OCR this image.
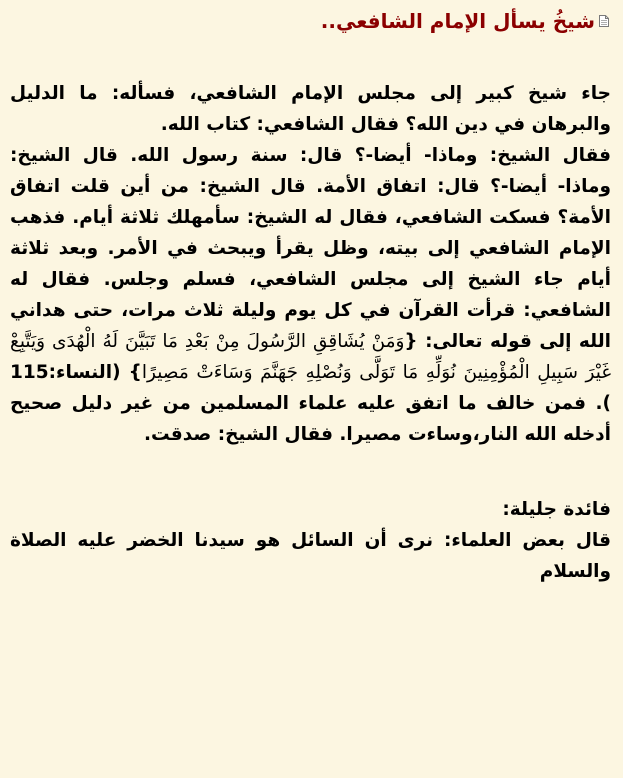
شيخُ يسأل الإمام الشافعي..
جاء شيخ كبير إلى مجلس الإمام الشافعي، فسأله: ما الدليل والبرهان في دين الله؟ فقال الشافعي: كتاب الله.
فقال الشيخ: وماذا- أيضا-؟ قال: سنة رسول الله. قال الشيخ: وماذا- أيضا-؟ قال: اتفاق الأمة. قال الشيخ: من أين قلت اتفاق الأمة؟ فسكت الشافعي، فقال له الشيخ: سأمهلك ثلاثة أيام. فذهب الإمام الشافعي إلى بيته، وظل يقرأ ويبحث في الأمر. وبعد ثلاثة أيام جاء الشيخ إلى مجلس الشافعي، فسلم وجلس. فقال له الشافعي: قرأت القرآن في كل يوم وليلة ثلاث مرات، حتى هداني الله إلى قوله تعالى: {وَمَنْ يُشَاقِقِ الرَّسُولَ مِنْ بَعْدِ مَا تَبَيَّنَ لَهُ الْهُدَى وَيَتَّبِعْ غَيْرَ سَبِيلِ الْمُؤْمِنِينَ نُوَلِّهِ مَا تَوَلَّى وَنُصْلِهِ جَهَنَّمَ وَسَاءَتْ مَصِيرًا} (النساء:115 ). فمن خالف ما اتفق عليه علماء المسلمين من غير دليل صحيح أدخله الله النار،وساءت مصيرا. فقال الشيخ: صدقت.
فائدة جليلة:
قال بعض العلماء: نرى أن السائل هو سيدنا الخضر عليه الصلاة والسلام
